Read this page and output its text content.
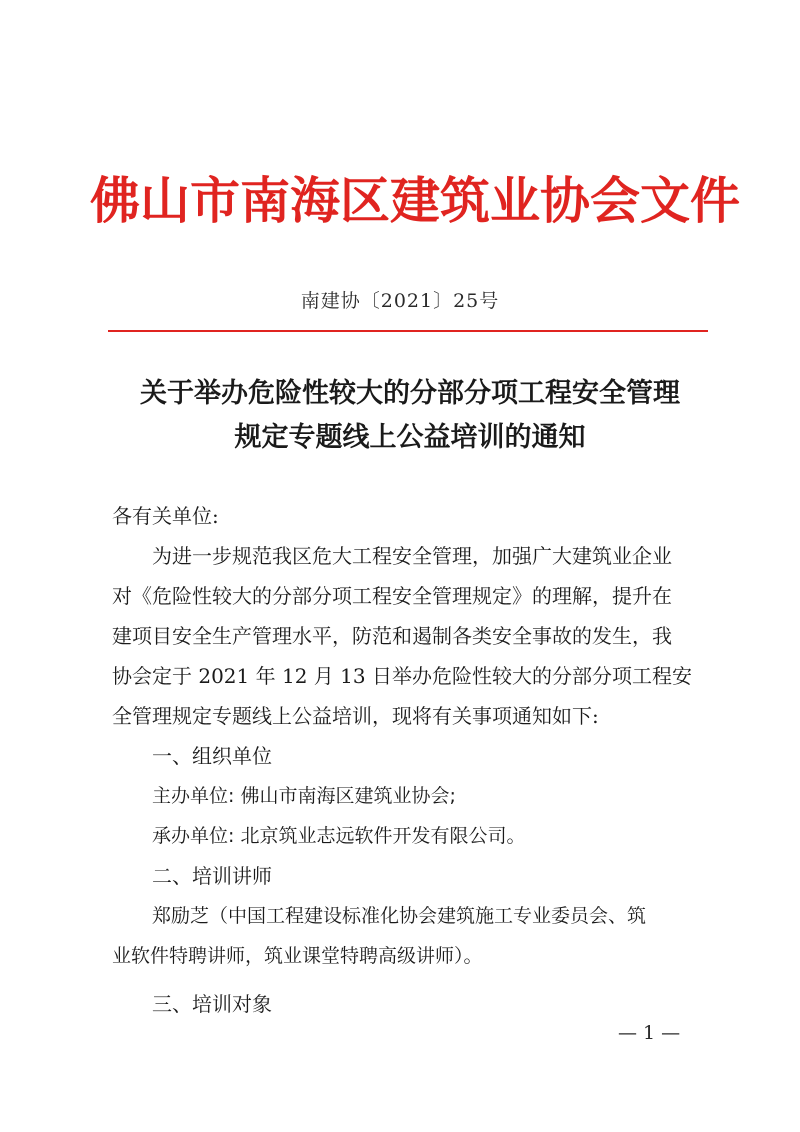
佛山市南海区建筑业协会文件
南建协〔2021〕25号
关于举办危险性较大的分部分项工程安全管理
规定专题线上公益培训的通知

各有关单位:

为进一步规范我区危大工程安全管理，加强广大建筑业企业
对《危险性较大的分部分项工程安全管理规定》的理解，提升在
建项目安全生产管理水平，防范和遏制各类安全事故的发生，我
协会定于 2021 年 12 月 13 日举办危险性较大的分部分项工程安
全管理规定专题线上公益培训，现将有关事项通知如下:

一、组织单位

主办单位: 佛山市南海区建筑业协会;

承办单位: 北京筑业志远软件开发有限公司。

二、培训讲师

郑励芝（中国工程建设标准化协会建筑施工专业委员会、筑
业软件特聘讲师，筑业课堂特聘高级讲师）。

三、培训对象

— 1 —
